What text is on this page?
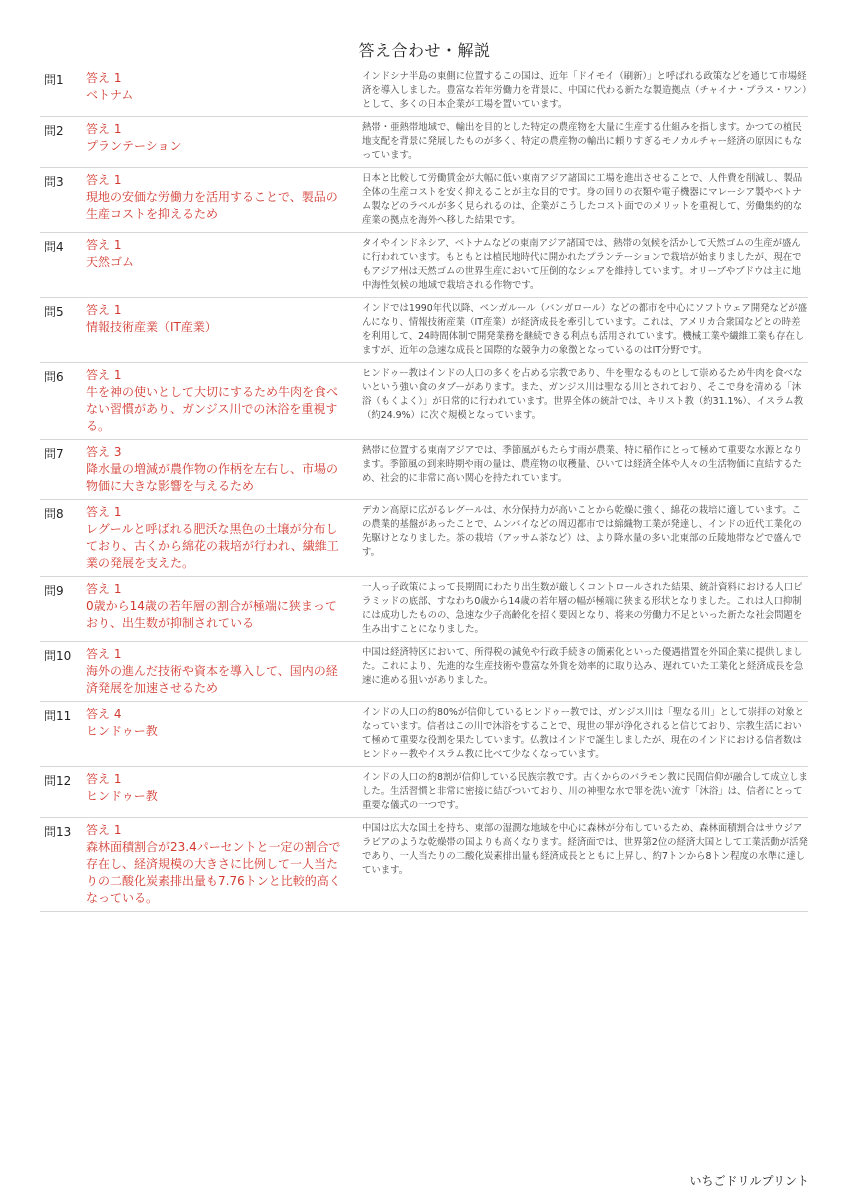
答え合わせ・解説
問1	答え 1
ベトナム	インドシナ半島の東側に位置するこの国は、近年「ドイモイ（刷新）」と呼ばれる政策などを通じて市場経済を導入しました。豊富な若年労働力を背景に、中国に代わる新たな製造拠点（チャイナ・プラス・ワン）として、多くの日本企業が工場を置いています。
問2	答え 1
プランテーション	熱帯・亜熱帯地域で、輸出を目的とした特定の農産物を大量に生産する仕組みを指します。かつての植民地支配を背景に発展したものが多く、特定の農産物の輸出に頼りすぎるモノカルチャー経済の原因にもなっています。
問3	答え 1
現地の安価な労働力を活用することで、製品の生産コストを抑えるため	日本と比較して労働賃金が大幅に低い東南アジア諸国に工場を進出させることで、人件費を削減し、製品全体の生産コストを安く抑えることが主な目的です。身の回りの衣類や電子機器にマレーシア製やベトナム製などのラベルが多く見られるのは、企業がこうしたコスト面でのメリットを重視して、労働集約的な産業の拠点を海外へ移した結果です。
問4	答え 1
天然ゴム	タイやインドネシア、ベトナムなどの東南アジア諸国では、熱帯の気候を活かして天然ゴムの生産が盛んに行われています。もともとは植民地時代に開かれたプランテーションで栽培が始まりましたが、現在でもアジア州は天然ゴムの世界生産において圧倒的なシェアを維持しています。オリーブやブドウは主に地中海性気候の地域で栽培される作物です。
問5	答え 1
情報技術産業（IT産業）	インドでは1990年代以降、ベンガルール（バンガロール）などの都市を中心にソフトウェア開発などが盛んになり、情報技術産業（IT産業）が経済成長を牽引しています。これは、アメリカ合衆国などとの時差を利用して、24時間体制で開発業務を継続できる利点も活用されています。機械工業や繊維工業も存在しますが、近年の急速な成長と国際的な競争力の象徴となっているのはIT分野です。
問6	答え 1
牛を神の使いとして大切にするため牛肉を食べない習慣があり、ガンジス川での沐浴を重視する。	ヒンドゥー教はインドの人口の多くを占める宗教であり、牛を聖なるものとして崇めるため牛肉を食べないという強い食のタブーがあります。また、ガンジス川は聖なる川とされており、そこで身を清める「沐浴（もくよく）」が日常的に行われています。世界全体の統計では、キリスト教（約31.1%）、イスラム教（約24.9%）に次ぐ規模となっています。
問7	答え 3
降水量の増減が農作物の作柄を左右し、市場の物価に大きな影響を与えるため	熱帯に位置する東南アジアでは、季節風がもたらす雨が農業、特に稲作にとって極めて重要な水源となります。季節風の到来時期や雨の量は、農産物の収穫量、ひいては経済全体や人々の生活物価に直結するため、社会的に非常に高い関心を持たれています。
問8	答え 1
レグールと呼ばれる肥沃な黒色の土壌が分布しており、古くから綿花の栽培が行われ、繊維工業の発展を支えた。	デカン高原に広がるレグールは、水分保持力が高いことから乾燥に強く、綿花の栽培に適しています。この農業的基盤があったことで、ムンバイなどの周辺都市では綿織物工業が発達し、インドの近代工業化の先駆けとなりました。茶の栽培（アッサム茶など）は、より降水量の多い北東部の丘陵地帯などで盛んです。
問9	答え 1
0歳から14歳の若年層の割合が極端に狭まっており、出生数が抑制されている	一人っ子政策によって長期間にわたり出生数が厳しくコントロールされた結果、統計資料における人口ピラミッドの底部、すなわち0歳から14歳の若年層の幅が極端に狭まる形状となりました。これは人口抑制には成功したものの、急速な少子高齢化を招く要因となり、将来の労働力不足といった新たな社会問題を生み出すことになりました。
問10	答え 1
海外の進んだ技術や資本を導入して、国内の経済発展を加速させるため	中国は経済特区において、所得税の減免や行政手続きの簡素化といった優遇措置を外国企業に提供しました。これにより、先進的な生産技術や豊富な外貨を効率的に取り込み、遅れていた工業化と経済成長を急速に進める狙いがありました。
問11	答え 4
ヒンドゥー教	インドの人口の約80%が信仰しているヒンドゥー教では、ガンジス川は「聖なる川」として崇拝の対象となっています。信者はこの川で沐浴をすることで、現世の罪が浄化されると信じており、宗教生活において極めて重要な役割を果たしています。仏教はインドで誕生しましたが、現在のインドにおける信者数はヒンドゥー教やイスラム教に比べて少なくなっています。
問12	答え 1
ヒンドゥー教	インドの人口の約8割が信仰している民族宗教です。古くからのバラモン教に民間信仰が融合して成立しました。生活習慣と非常に密接に結びついており、川の神聖な水で罪を洗い流す「沐浴」は、信者にとって重要な儀式の一つです。
問13	答え 1
森林面積割合が23.4パーセントと一定の割合で存在し、経済規模の大きさに比例して一人当たりの二酸化炭素排出量も7.76トンと比較的高くなっている。	中国は広大な国土を持ち、東部の湿潤な地域を中心に森林が分布しているため、森林面積割合はサウジアラビアのような乾燥帯の国よりも高くなります。経済面では、世界第2位の経済大国として工業活動が活発であり、一人当たりの二酸化炭素排出量も経済成長とともに上昇し、約7トンから8トン程度の水準に達しています。
いちごドリルプリント
